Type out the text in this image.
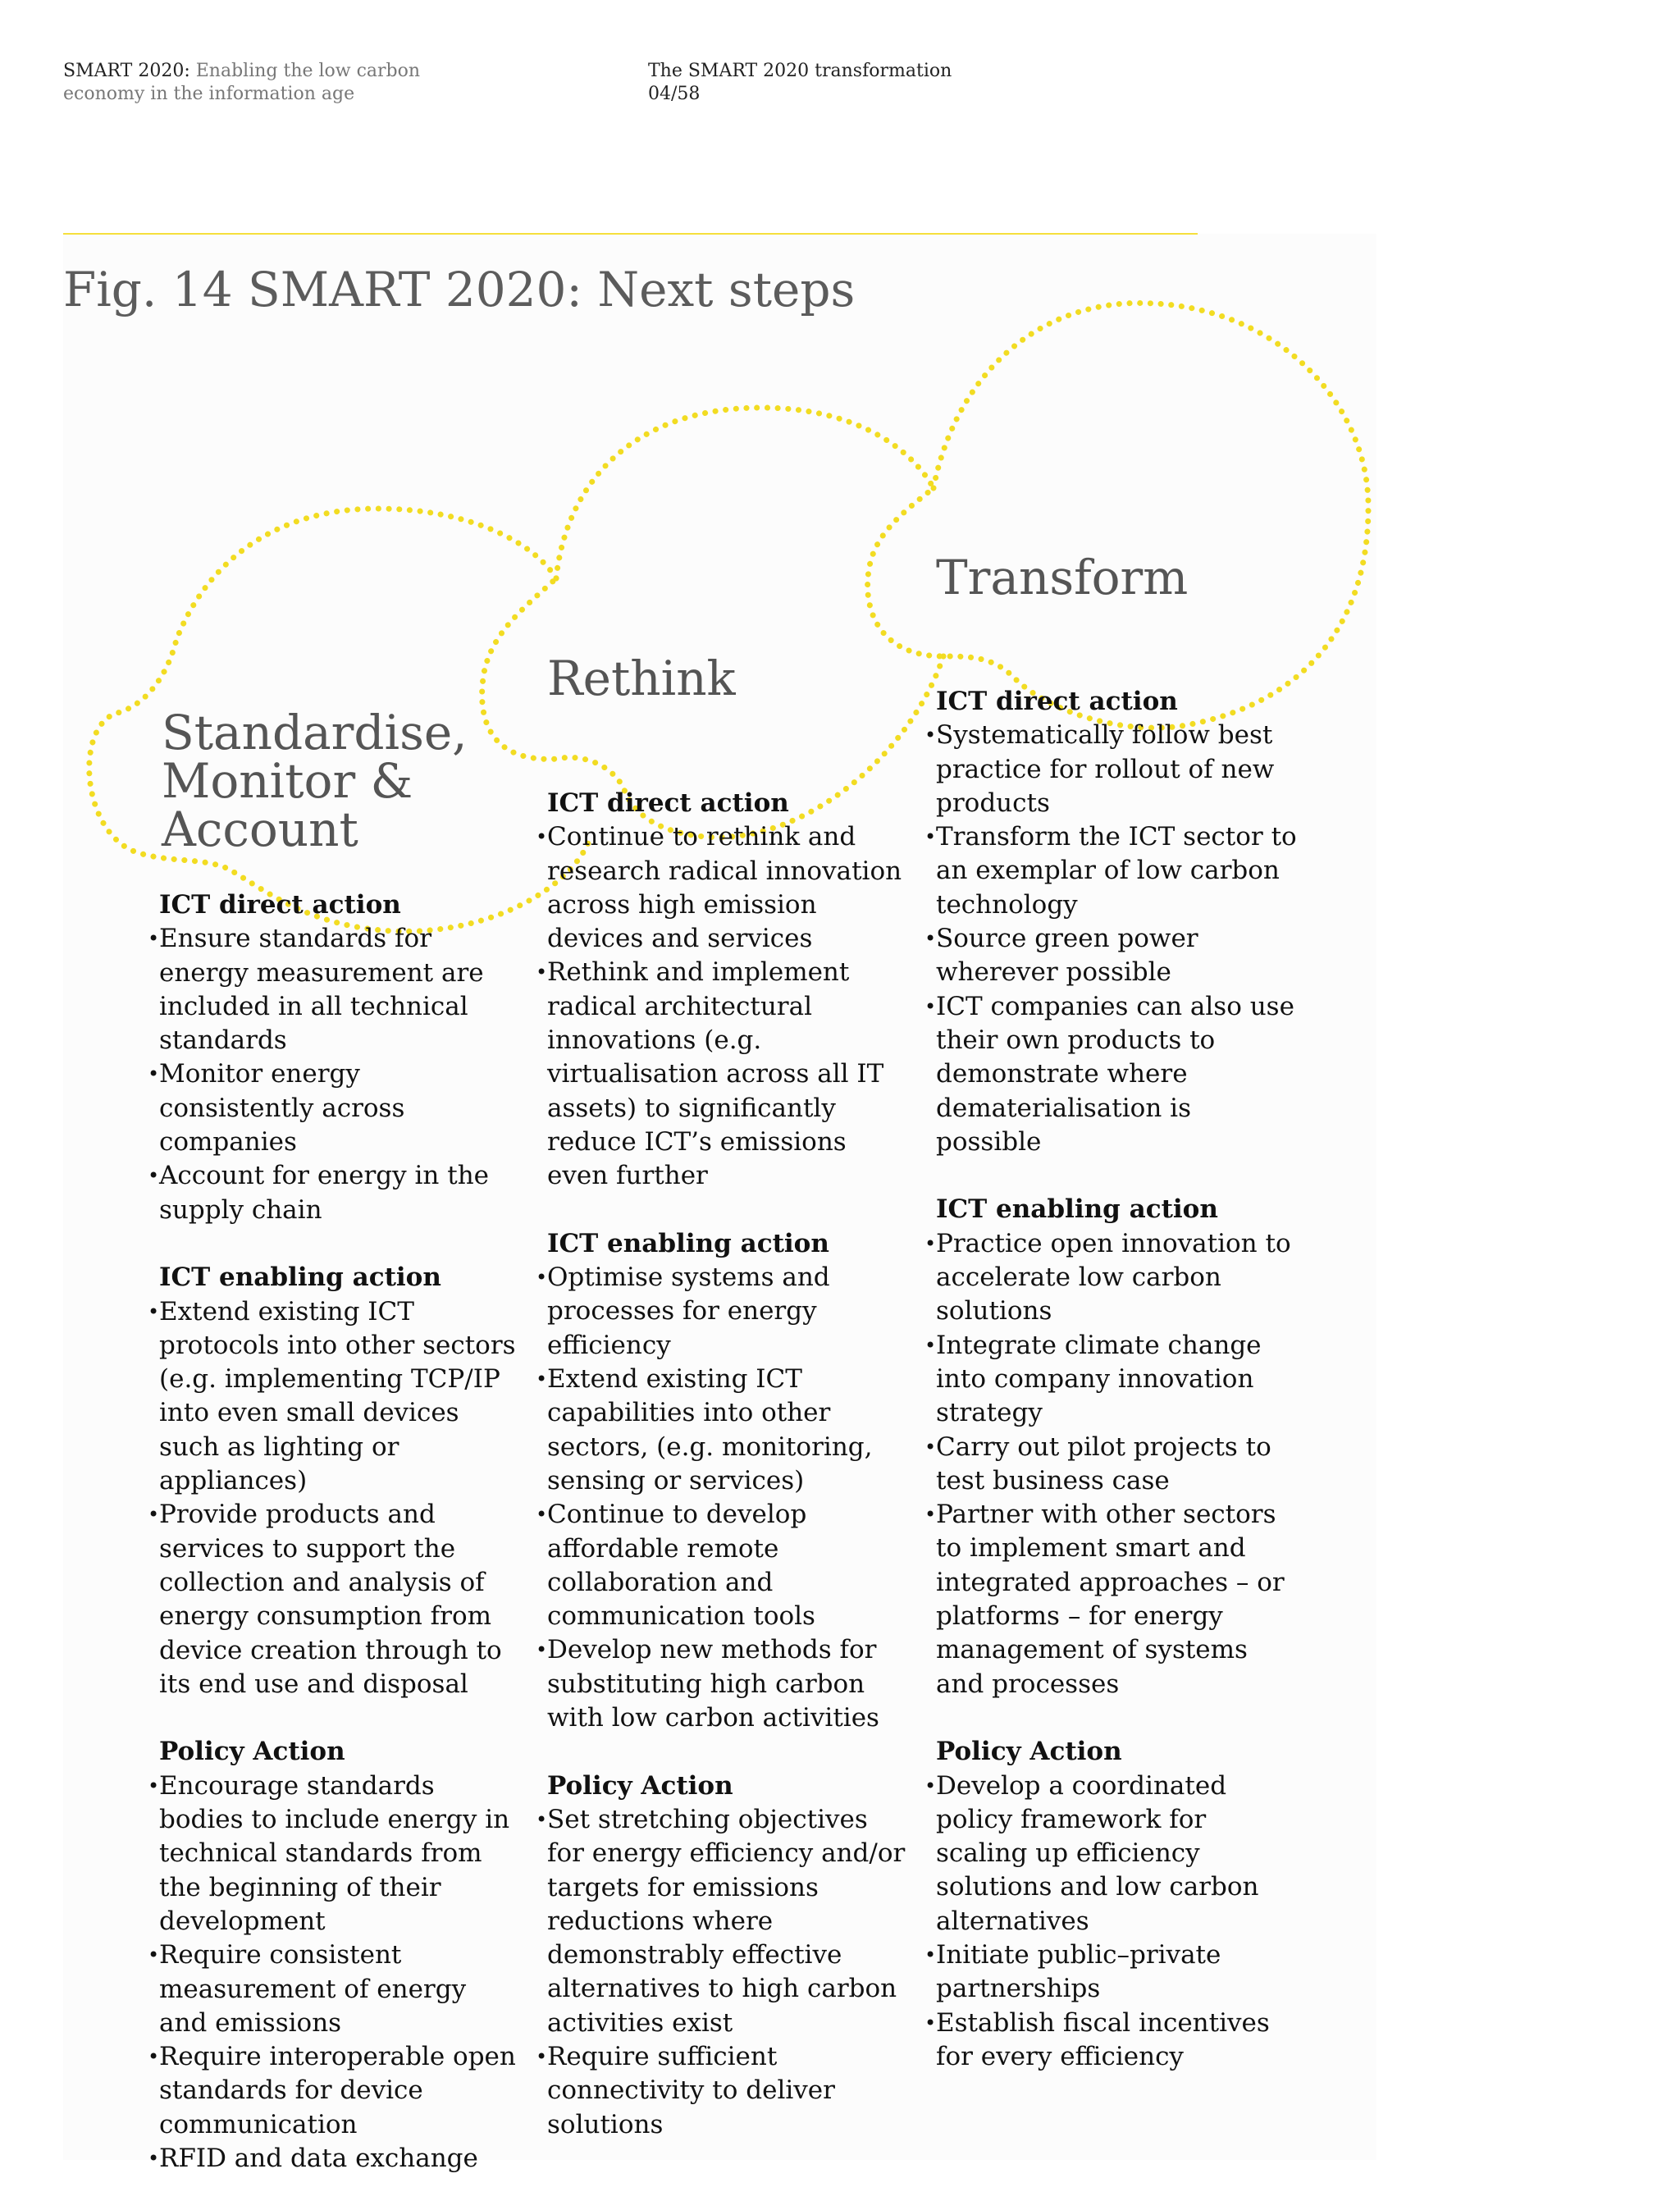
SMART 2020: Enabling the low carbon economy in the information age
The SMART 2020 transformation
04/58
Fig. 14 SMART 2020: Next steps
Standardise,
Monitor &
Account

ICT direct action

• Ensure standards for energy measurement are included in all technical standards
• Monitor energy consistently across companies
• Account for energy in the supply chain

ICT enabling action

• Extend existing ICT protocols into other sectors (e.g. implementing TCP/IP into even small devices such as lighting or appliances)
• Provide products and services to support the collection and analysis of energy consumption from device creation through to its end use and disposal

Policy Action

• Encourage standards bodies to include energy in technical standards from the beginning of their development
• Require consistent measurement of energy and emissions
• Require interoperable open standards for device communication
• RFID and data exchange
Rethink

ICT direct action

• Continue to rethink and research radical innovation across high emission devices and services
• Rethink and implement radical architectural innovations (e.g. virtualisation across all IT assets) to significantly reduce ICT’s emissions even further

ICT enabling action

• Optimise systems and processes for energy efficiency
• Extend existing ICT capabilities into other sectors, (e.g. monitoring, sensing or services)
• Continue to develop affordable remote collaboration and communication tools
• Develop new methods for substituting high carbon with low carbon activities

Policy Action

• Set stretching objectives for energy efficiency and/or targets for emissions reductions where demonstrably effective alternatives to high carbon activities exist
• Require sufficient connectivity to deliver solutions
Transform

ICT direct action

• Systematically follow best practice for rollout of new products
• Transform the ICT sector to an exemplar of low carbon technology
• Source green power wherever possible
• ICT companies can also use their own products to demonstrate where dematerialisation is possible

ICT enabling action

• Practice open innovation to accelerate low carbon solutions
• Integrate climate change into company innovation strategy
• Carry out pilot projects to test business case
• Partner with other sectors to implement smart and integrated approaches – or platforms – for energy management of systems and processes

Policy Action

• Develop a coordinated policy framework for scaling up efficiency solutions and low carbon alternatives
• Initiate public–private partnerships
• Establish fiscal incentives for every efficiency
